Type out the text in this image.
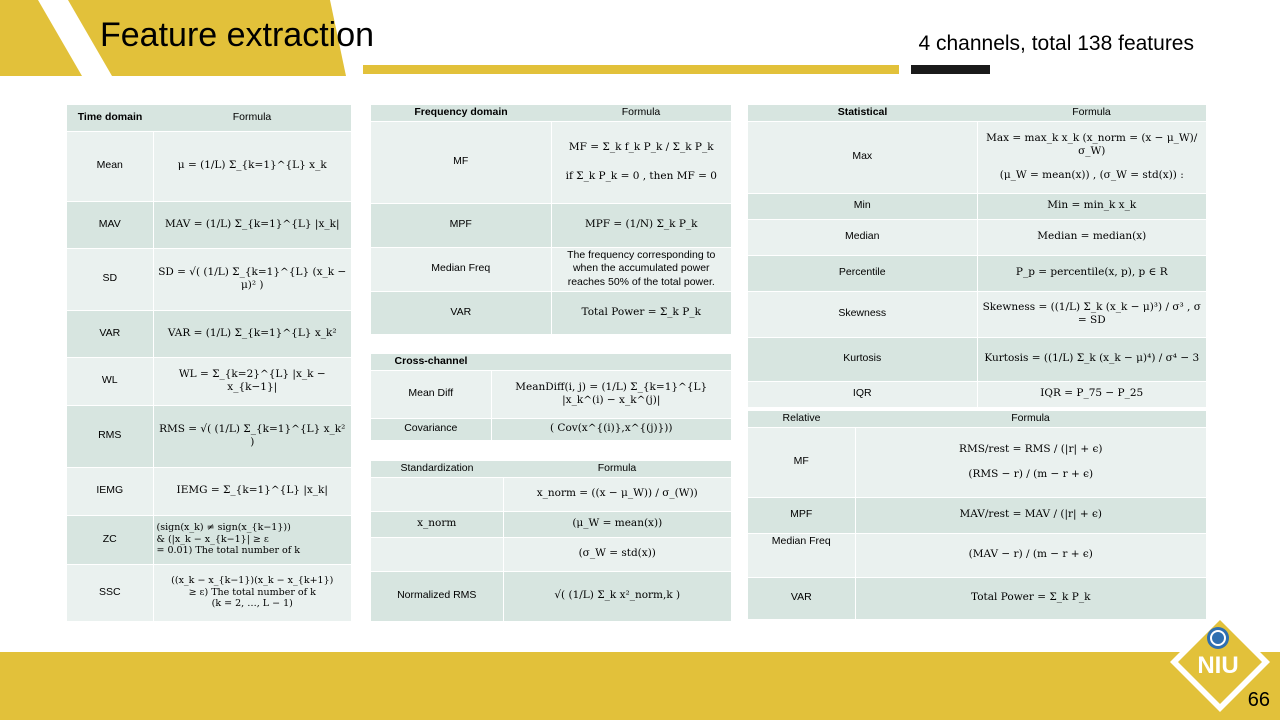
Feature extraction	4 channels, total 138 features
NIU
66
Time domain	Formula
Mean	μ = (1/L) Σ_{k=1}^{L} x_k
MAV	MAV = (1/L) Σ_{k=1}^{L} |x_k|
SD	SD = √( (1/L) Σ_{k=1}^{L} (x_k − μ)² )
VAR	VAR = (1/L) Σ_{k=1}^{L} x_k²
WL	WL = Σ_{k=2}^{L} |x_k − x_{k−1}|
RMS	RMS = √( (1/L) Σ_{k=1}^{L} x_k² )
IEMG	IEMG = Σ_{k=1}^{L} |x_k|
ZC	(sign(x_k) ≠ sign(x_{k−1}))
& (|x_k − x_{k−1}| ≥ ε
= 0.01) The total number of k

SSC	((x_k − x_{k−1})(x_k − x_{k+1})
≥ ε) The total number of k
(k = 2, …, L − 1)
Frequency domain	Formula
MF	MF = Σ_k f_k P_k / Σ_k P_k
if Σ_k P_k = 0 , then MF = 0

MPF	MPF = (1/N) Σ_k P_k
Median Freq	The frequency corresponding to
when the accumulated power
reaches 50% of the total power.

VAR	Total Power = Σ_k P_k
Cross-channel	
Mean Diff	MeanDiff(i, j) = (1/L) Σ_{k=1}^{L} |x_k^(i) − x_k^(j)|
Covariance	( Cov(x^{(i)},x^{(j)}))
Standardization	Formula
	x_norm = ((x − μ_W)) / σ_(W))
x_norm	(μ_W = mean(x))
	(σ_W = std(x))
Normalized RMS	√( (1/L) Σ_k x²_norm,k )
Statistical	Formula
Max	Max = max_k x_k (x_norm = (x − μ_W)/σ_W)
(μ_W = mean(x)) , (σ_W = std(x)) :

Min	Min = min_k x_k
Median	Median = median(x)
Percentile	P_p = percentile(x, p), p ∈ R
Skewness	Skewness = ((1/L) Σ_k (x_k − μ)³) / σ³ , σ = SD
Kurtosis	Kurtosis = ((1/L) Σ_k (x_k − μ)⁴) / σ⁴ − 3
IQR	IQR = P_75 − P_25
Relative	Formula
MF	RMS/rest = RMS / (|r| + ϵ)
(RMS − r) / (m − r + ϵ)

MPF	MAV/rest = MAV / (|r| + ϵ)
Median Freq	(MAV − r) / (m − r + ϵ)
VAR	Total Power = Σ_k P_k
